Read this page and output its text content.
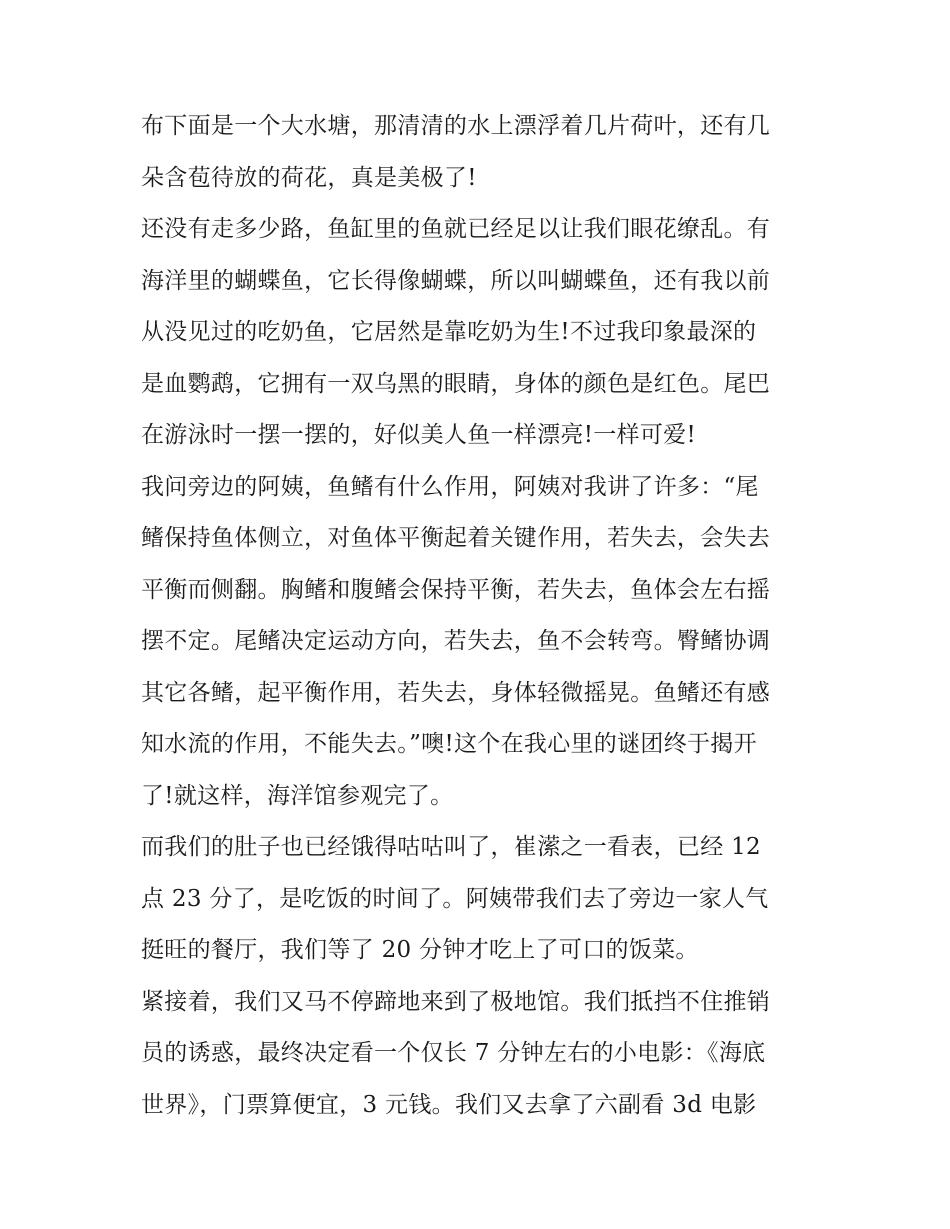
布下面是一个大水塘，那清清的水上漂浮着几片荷叶，还有几
朵含苞待放的荷花，真是美极了!
还没有走多少路，鱼缸里的鱼就已经足以让我们眼花缭乱。有
海洋里的蝴蝶鱼，它长得像蝴蝶，所以叫蝴蝶鱼，还有我以前
从没见过的吃奶鱼，它居然是靠吃奶为生!不过我印象最深的
是血鹦鹉，它拥有一双乌黑的眼睛，身体的颜色是红色。尾巴
在游泳时一摆一摆的，好似美人鱼一样漂亮!一样可爱!
我问旁边的阿姨，鱼鳍有什么作用，阿姨对我讲了许多：“尾
鳍保持鱼体侧立，对鱼体平衡起着关键作用，若失去，会失去
平衡而侧翻。胸鳍和腹鳍会保持平衡，若失去，鱼体会左右摇
摆不定。尾鳍决定运动方向，若失去，鱼不会转弯。臀鳍协调
其它各鳍，起平衡作用，若失去，身体轻微摇晃。鱼鳍还有感
知水流的作用，不能失去。”噢!这个在我心里的谜团终于揭开
了!就这样，海洋馆参观完了。
而我们的肚子也已经饿得咕咕叫了，崔潆之一看表，已经 12
点 23 分了，是吃饭的时间了。阿姨带我们去了旁边一家人气
挺旺的餐厅，我们等了 20 分钟才吃上了可口的饭菜。
紧接着，我们又马不停蹄地来到了极地馆。我们抵挡不住推销
员的诱惑，最终决定看一个仅长 7 分钟左右的小电影：《海底
世界》，门票算便宜，3 元钱。我们又去拿了六副看 3d 电影
